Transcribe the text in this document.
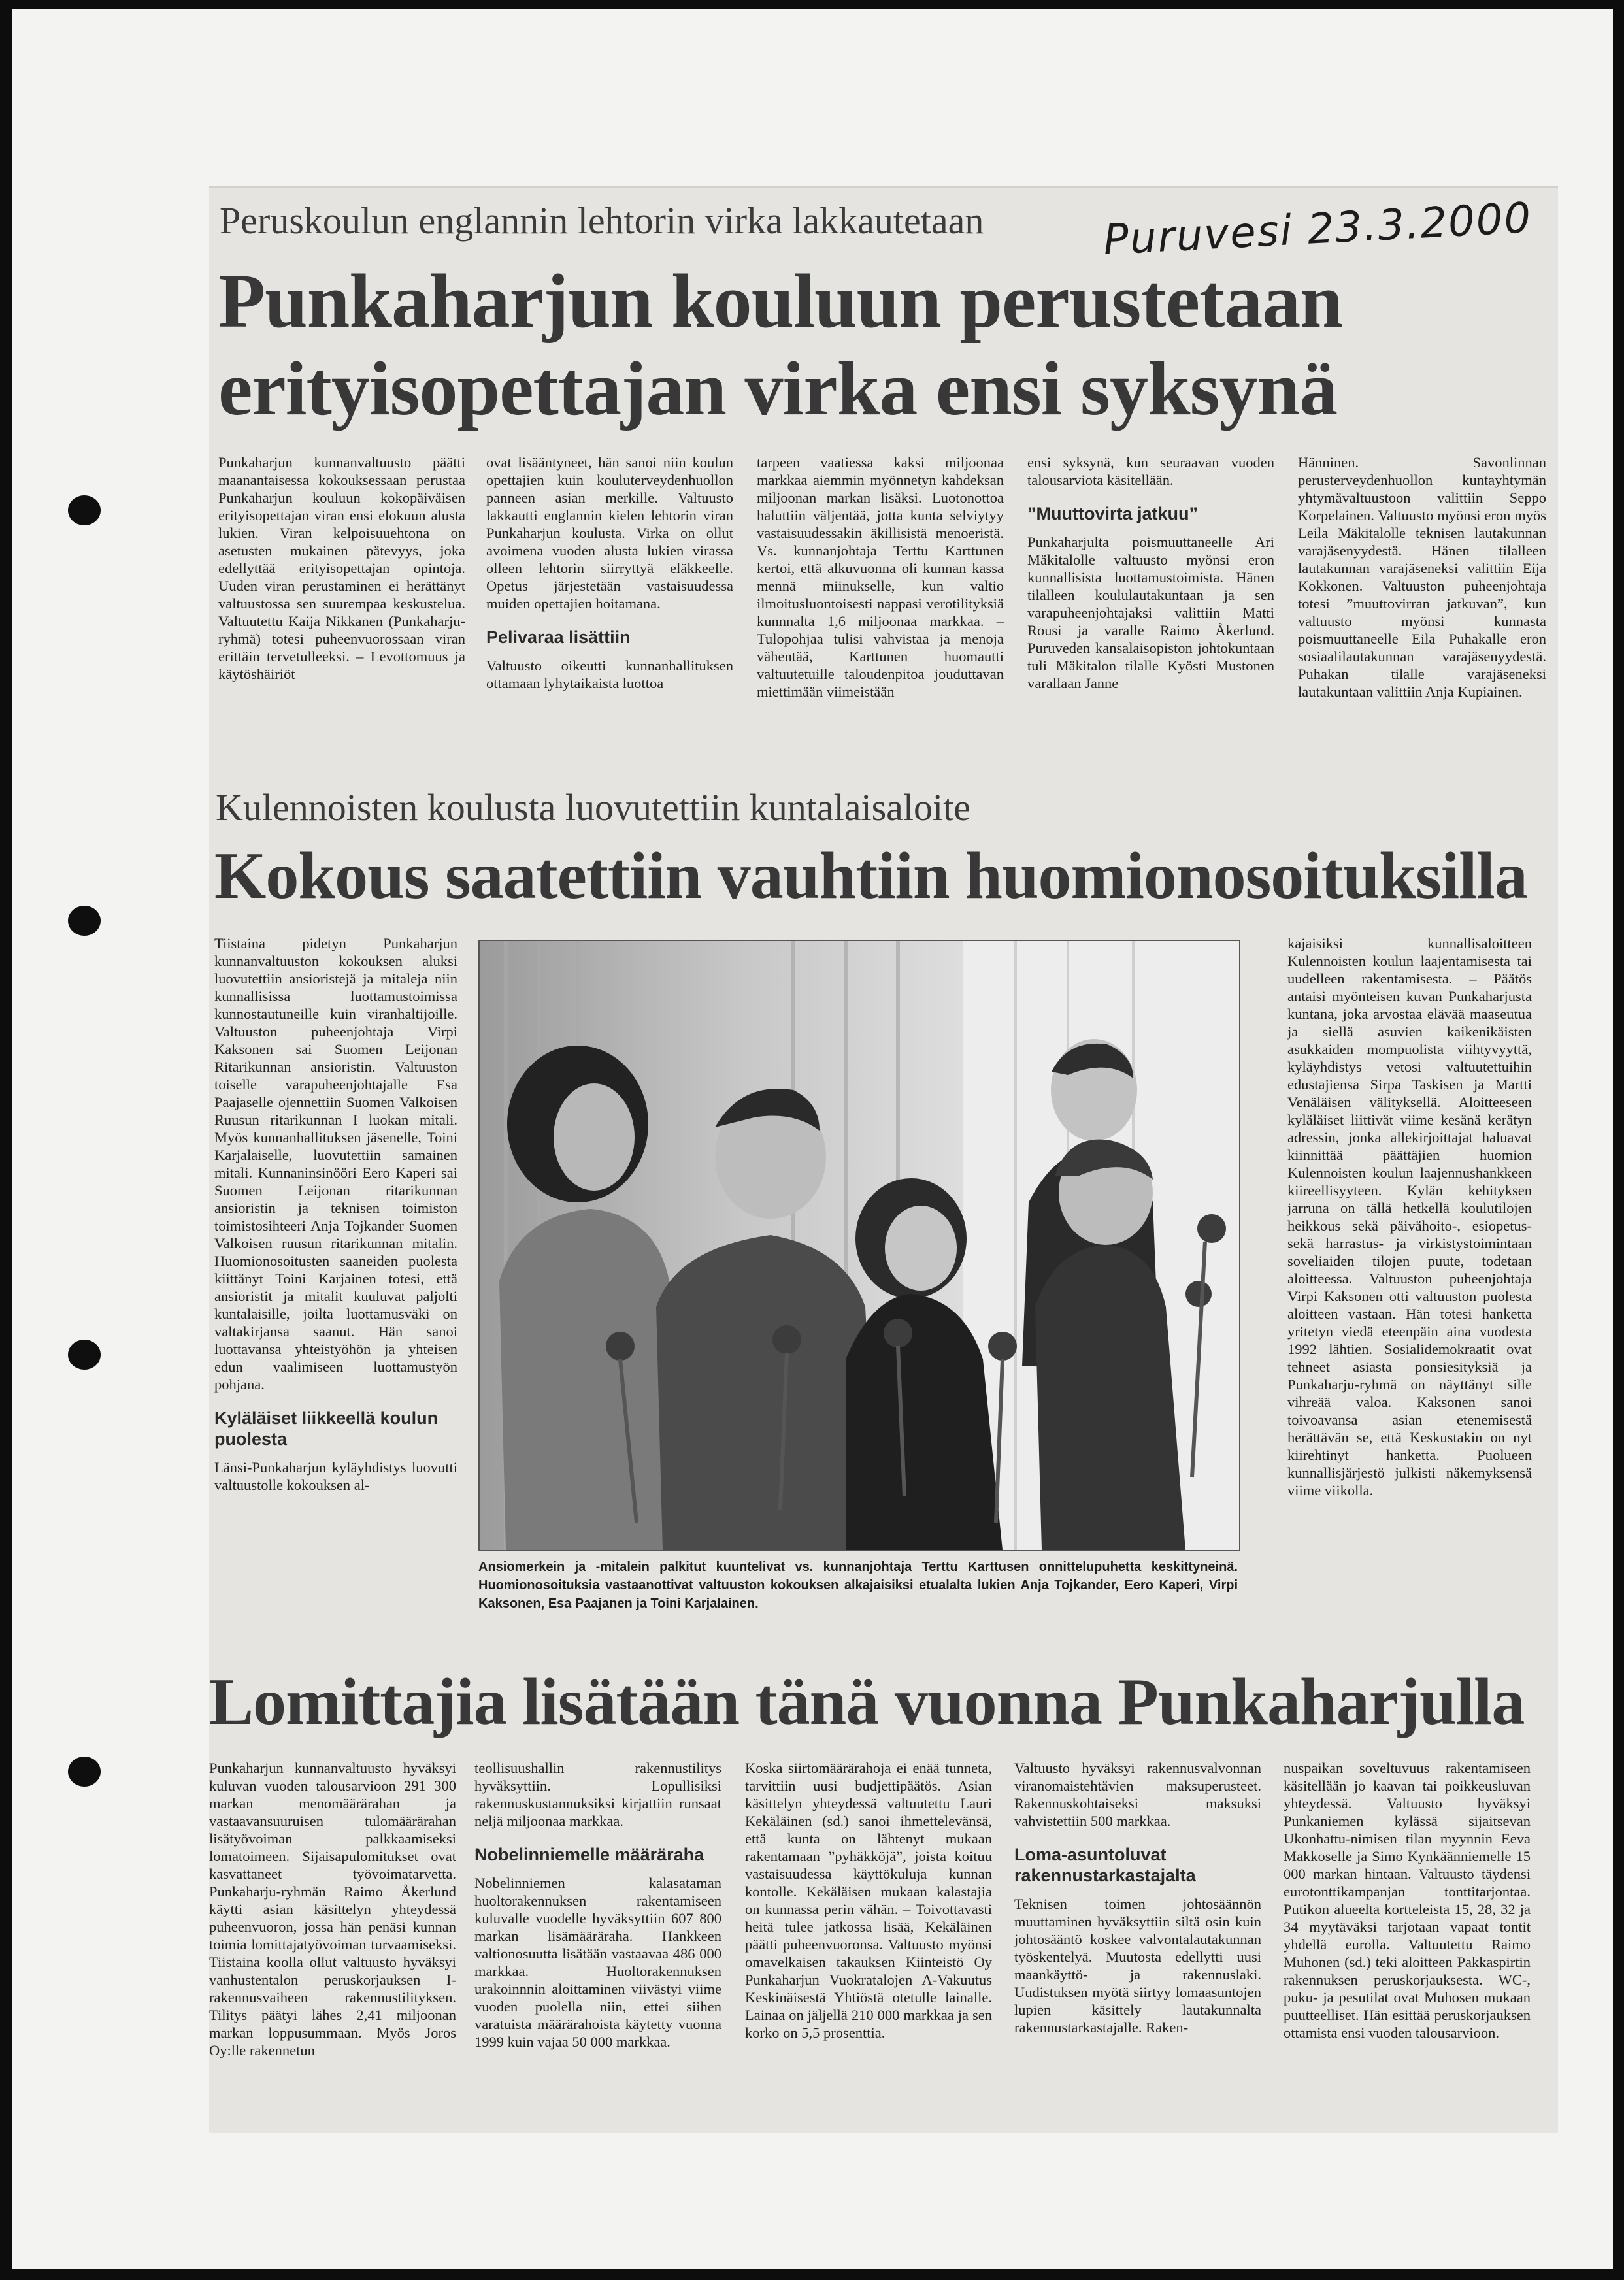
Peruskoulun englannin lehtorin virka lakkautetaan	Puruvesi 23.3.2000
Punkaharjun kouluun perustetaan
erityisopettajan virka ensi syksynä

Punkaharjun kunnanvaltuusto päätti maanantaisessa kokouksessaan perustaa Punkaharjun kouluun kokopäiväisen erityisopettajan viran ensi elokuun alusta lukien. Viran kelpoisuuehtona on asetusten mukainen pätevyys, joka edellyttää erityisopettajan opintoja. Uuden viran perustaminen ei herättänyt valtuustossa sen suurempaa keskustelua. Valtuutettu Kaija Nikkanen (Punkaharju-ryhmä) totesi puheenvuorossaan viran erittäin tervetulleeksi. – Levottomuus ja käytöshäiriöt

ovat lisääntyneet, hän sanoi niin koulun opettajien kuin kouluterveydenhuollon panneen asian merkille. Valtuusto lakkautti englannin kielen lehtorin viran Punkaharjun koulusta. Virka on ollut avoimena vuoden alusta lukien virassa olleen lehtorin siirryttyä eläkkeelle. Opetus järjestetään vastaisuudessa muiden opettajien hoitamana.

Pelivaraa lisättiin

Valtuusto oikeutti kunnanhallituksen ottamaan lyhytaikaista luottoa

tarpeen vaatiessa kaksi miljoonaa markkaa aiemmin myönnetyn kahdeksan miljoonan markan lisäksi. Luotonottoa haluttiin väljentää, jotta kunta selviytyy vastaisuudessakin äkillisistä menoeristä. Vs. kunnanjohtaja Terttu Karttunen kertoi, että alkuvuonna oli kunnan kassa mennä miinukselle, kun valtio ilmoitusluontoisesti nappasi verotilityksiä kunnnalta 1,6 miljoonaa markkaa. – Tulopohjaa tulisi vahvistaa ja menoja vähentää, Karttunen huomautti valtuutetuille taloudenpitoa jouduttavan miettimään viimeistään

ensi syksynä, kun seuraavan vuoden talousarviota käsitellään.

”Muuttovirta jatkuu”

Punkaharjulta poismuuttaneelle Ari Mäkitalolle valtuusto myönsi eron kunnallisista luottamustoimista. Hänen tilalleen koululautakuntaan ja sen varapuheenjohtajaksi valittiin Matti Rousi ja varalle Raimo Åkerlund. Puruveden kansalaisopiston johtokuntaan tuli Mäkitalon tilalle Kyösti Mustonen varallaan Janne

Hänninen. Savonlinnan perusterveydenhuollon kuntayhtymän yhtymävaltuustoon valittiin Seppo Korpelainen. Valtuusto myönsi eron myös Leila Mäkitalolle teknisen lautakunnan varajäsenyydestä. Hänen tilalleen lautakunnan varajäseneksi valittiin Eija Kokkonen. Valtuuston puheenjohtaja totesi ”muuttovirran jatkuvan”, kun valtuusto myönsi kunnasta poismuuttaneelle Eila Puhakalle eron sosiaalilautakunnan varajäsenyydestä. Puhakan tilalle varajäseneksi lautakuntaan valittiin Anja Kupiainen.

Kulennoisten koulusta luovutettiin kuntalaisaloite
Kokous saatettiin vauhtiin huomionosoituksilla

Tiistaina pidetyn Punkaharjun kunnanvaltuuston kokouksen aluksi luovutettiin ansioristejä ja mitaleja niin kunnallisissa luottamustoimissa kunnostautuneille kuin viranhaltijoille. Valtuuston puheenjohtaja Virpi Kaksonen sai Suomen Leijonan Ritarikunnan ansioristin. Valtuuston toiselle varapuheenjohtajalle Esa Paajaselle ojennettiin Suomen Valkoisen Ruusun ritarikunnan I luokan mitali. Myös kunnanhallituksen jäsenelle, Toini Karjalaiselle, luovutettiin samainen mitali. Kunnaninsinööri Eero Kaperi sai Suomen Leijonan ritarikunnan ansioristin ja teknisen toimiston toimistosihteeri Anja Tojkander Suomen Valkoisen ruusun ritarikunnan mitalin. Huomionosoitusten saaneiden puolesta kiittänyt Toini Karjainen totesi, että ansioristit ja mitalit kuuluvat paljolti kuntalaisille, joilta luottamusväki on valtakirjansa saanut. Hän sanoi luottavansa yhteistyöhön ja yhteisen edun vaalimiseen luottamustyön pohjana.

Kyläläiset liikkeellä koulun puolesta

Länsi-Punkaharjun kyläyhdistys luovutti valtuustolle kokouksen al-

Ansiomerkein ja -mitalein palkitut kuuntelivat vs. kunnanjohtaja Terttu Karttusen onnittelupuhetta keskittyneinä. Huomionosoituksia vastaanottivat valtuuston kokouksen alkajaisiksi etualalta lukien Anja Tojkander, Eero Kaperi, Virpi Kaksonen, Esa Paajanen ja Toini Karjalainen.

kajaisiksi kunnallisaloitteen Kulennoisten koulun laajentamisesta tai uudelleen rakentamisesta. – Päätös antaisi myönteisen kuvan Punkaharjusta kuntana, joka arvostaa elävää maaseutua ja siellä asuvien kaikenikäisten asukkaiden mompuolista viihtyvyyttä, kyläyhdistys vetosi valtuutettuihin edustajiensa Sirpa Taskisen ja Martti Venäläisen välityksellä. Aloitteeseen kyläläiset liittivät viime kesänä kerätyn adressin, jonka allekirjoittajat haluavat kiinnittää päättäjien huomion Kulennoisten koulun laajennushankkeen kiireellisyyteen. Kylän kehityksen jarruna on tällä hetkellä koulutilojen heikkous sekä päivähoito-, esiopetus- sekä harrastus- ja virkistystoimintaan soveliaiden tilojen puute, todetaan aloitteessa. Valtuuston puheenjohtaja Virpi Kaksonen otti valtuuston puolesta aloitteen vastaan. Hän totesi hanketta yritetyn viedä eteenpäin aina vuodesta 1992 lähtien. Sosialidemokraatit ovat tehneet asiasta ponsiesityksiä ja Punkaharju-ryhmä on näyttänyt sille vihreää valoa. Kaksonen sanoi toivoavansa asian etenemisestä herättävän se, että Keskustakin on nyt kiirehtinyt hanketta. Puolueen kunnallisjärjestö julkisti näkemyksensä viime viikolla.

Lomittajia lisätään tänä vuonna Punkaharjulla

Punkaharjun kunnanvaltuusto hyväksyi kuluvan vuoden talousarvioon 291 300 markan menomäärärahan ja vastaavansuuruisen tulomäärärahan lisätyövoiman palkkaamiseksi lomatoimeen. Sijaisapulomitukset ovat kasvattaneet työvoimatarvetta. Punkaharju-ryhmän Raimo Åkerlund käytti asian käsittelyn yhteydessä puheenvuoron, jossa hän penäsi kunnan toimia lomittajatyövoiman turvaamiseksi. Tiistaina koolla ollut valtuusto hyväksyi vanhustentalon peruskorjauksen I-rakennusvaiheen rakennustilityksen. Tilitys päätyi lähes 2,41 miljoonan markan loppusummaan. Myös Joros Oy:lle rakennetun

teollisuushallin rakennustilitys hyväksyttiin. Lopullisiksi rakennuskustannuksiksi kirjattiin runsaat neljä miljoonaa markkaa.

Nobelinniemelle määräraha

Nobelinniemen kalasataman huoltorakennuksen rakentamiseen kuluvalle vuodelle hyväksyttiin 607 800 markan lisämääräraha. Hankkeen valtionosuutta lisätään vastaavaa 486 000 markkaa. Huoltorakennuksen urakoinnnin aloittaminen viivästyi viime vuoden puolella niin, ettei siihen varatuista määrärahoista käytetty vuonna 1999 kuin vajaa 50 000 markkaa.

Koska siirtomäärärahoja ei enää tunneta, tarvittiin uusi budjettipäätös. Asian käsittelyn yhteydessä valtuutettu Lauri Kekäläinen (sd.) sanoi ihmettelevänsä, että kunta on lähtenyt mukaan rakentamaan ”pyhäkköjä”, joista koituu vastaisuudessa käyttökuluja kunnan kontolle. Kekäläisen mukaan kalastajia on kunnassa perin vähän. – Toivottavasti heitä tulee jatkossa lisää, Kekäläinen päätti puheenvuoronsa. Valtuusto myönsi omavelkaisen takauksen Kiinteistö Oy Punkaharjun Vuokratalojen A-Vakuutus Keskinäisestä Yhtiöstä otetulle lainalle. Lainaa on jäljellä 210 000 markkaa ja sen korko on 5,5 prosenttia.

Valtuusto hyväksyi rakennusvalvonnan viranomaistehtävien maksuperusteet. Rakennuskohtaiseksi maksuksi vahvistettiin 500 markkaa.

Loma-asuntoluvat rakennustarkastajalta

Teknisen toimen johtosäännön muuttaminen hyväksyttiin siltä osin kuin johtosääntö koskee valvontalautakunnan työskentelyä. Muutosta edellytti uusi maankäyttö- ja rakennuslaki. Uudistuksen myötä siirtyy lomaasuntojen lupien käsittely lautakunnalta rakennustarkastajalle. Raken-

nuspaikan soveltuvuus rakentamiseen käsitellään jo kaavan tai poikkeusluvan yhteydessä. Valtuusto hyväksyi Punkaniemen kylässä sijaitsevan Ukonhattu-nimisen tilan myynnin Eeva Makkoselle ja Simo Kynkäänniemelle 15 000 markan hintaan. Valtuusto täydensi eurotonttikampanjan tonttitarjontaa. Putikon alueelta kortteleista 15, 28, 32 ja 34 myytäväksi tarjotaan vapaat tontit yhdellä eurolla. Valtuutettu Raimo Muhonen (sd.) teki aloitteen Pakkaspirtin rakennuksen peruskorjauksesta. WC-, puku- ja pesutilat ovat Muhosen mukaan puutteelliset. Hän esittää peruskorjauksen ottamista ensi vuoden talousarvioon.
